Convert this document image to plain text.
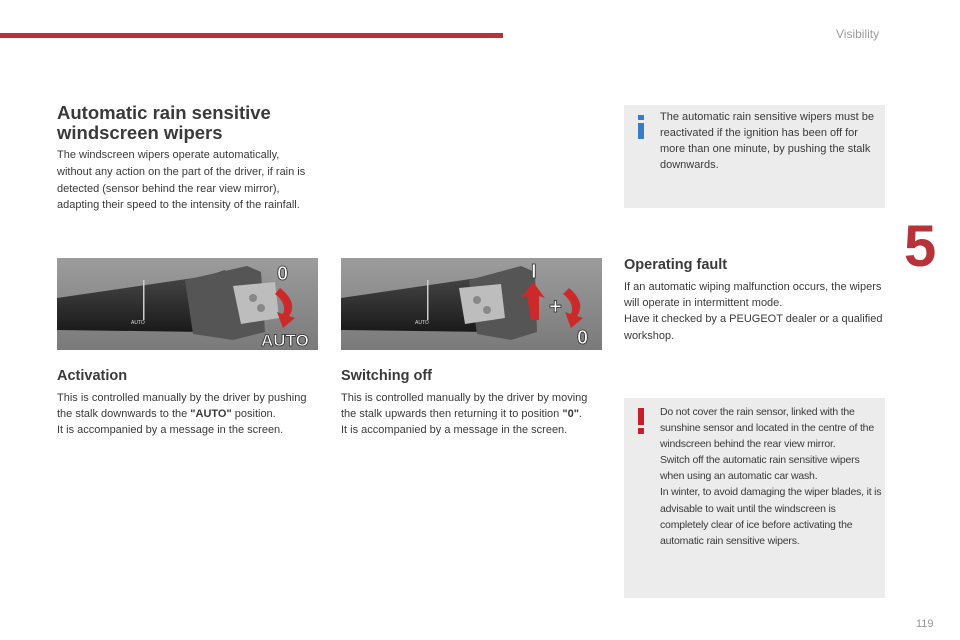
Visibility
5
119
Automatic rain sensitive windscreen wipers

The windscreen wipers operate automatically, without any action on the part of the driver, if rain is detected (sensor behind the rear view mirror), adapting their speed to the intensity of the rainfall.

AUTO
0
AUTO
AUTO
I
+
0
Activation

This is controlled manually by the driver by pushing the stalk downwards to the "AUTO" position.
It is accompanied by a message in the screen.

Switching off

This is controlled manually by the driver by moving the stalk upwards then returning it to position "0".
It is accompanied by a message in the screen.

The automatic rain sensitive wipers must be reactivated if the ignition has been off for more than one minute, by pushing the stalk downwards.
Operating fault

If an automatic wiping malfunction occurs, the wipers will operate in intermittent mode.
Have it checked by a PEUGEOT dealer or a qualified workshop.

Do not cover the rain sensor, linked with the sunshine sensor and located in the centre of the windscreen behind the rear view mirror.
Switch off the automatic rain sensitive wipers when using an automatic car wash.
In winter, to avoid damaging the wiper blades, it is advisable to wait until the windscreen is completely clear of ice before activating the automatic rain sensitive wipers.
